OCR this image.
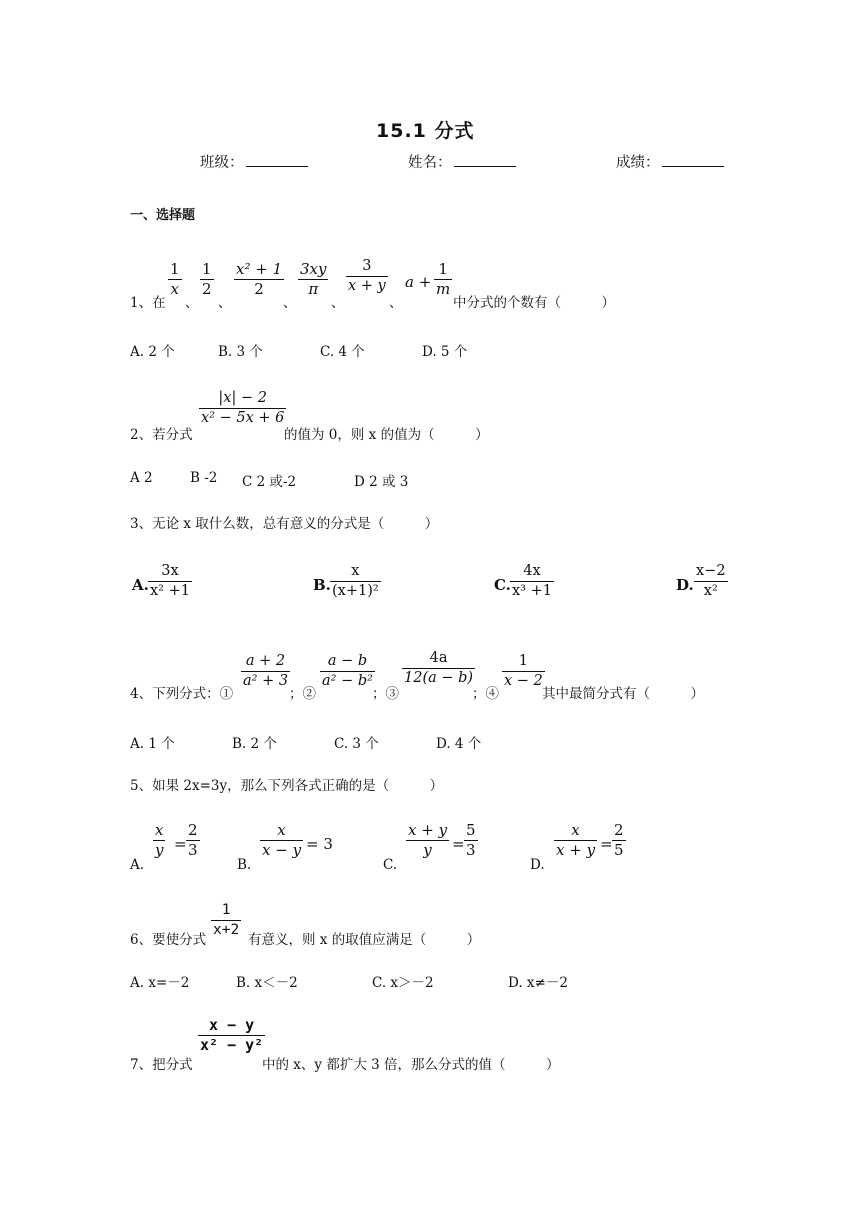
15.1 分式
班级：	姓名：	成绩：
一、选择题
1、在
1
x
、
1
2
、
x² + 1
2
、
3xy
π
、
3
x + y
、
a +
1
m
中分式的个数有（　　　）
A. 2 个	B. 3 个	C. 4 个	D. 5 个
2、若分式
|x| − 2
x² − 5x + 6
的值为 0，则 x 的值为（　　　）
A 2	B -2 C 2 或-2	D 2 或 3
3、无论 x 取什么数，总有意义的分式是（　　　）
A.
3x
x² +1	B.
x
(x+1)²	C.
4x
x³ +1	D.
x−2
x²
4、下列分式：①
a + 2
a² + 3
；②
a − b
a² − b²
；③
4a
12(a − b)
；④
1
x − 2
其中最简分式有（　　　）
A. 1 个	B. 2 个	C. 3 个	D. 4 个
5、如果 2x=3y，那么下列各式正确的是（　　　）
A.
x
y =
2
3
B.
x
x − y = 3
C.
x + y
y =
5
3
D.
x
x + y =
2
5
6、要使分式
1
x+2
有意义，则 x 的取值应满足（　　　）
A. x=－2	B. x＜－2	C. x＞－2	D. x≠－2
7、把分式
x − y
x² − y²
中的 x、y 都扩大 3 倍，那么分式的值（　　　）
